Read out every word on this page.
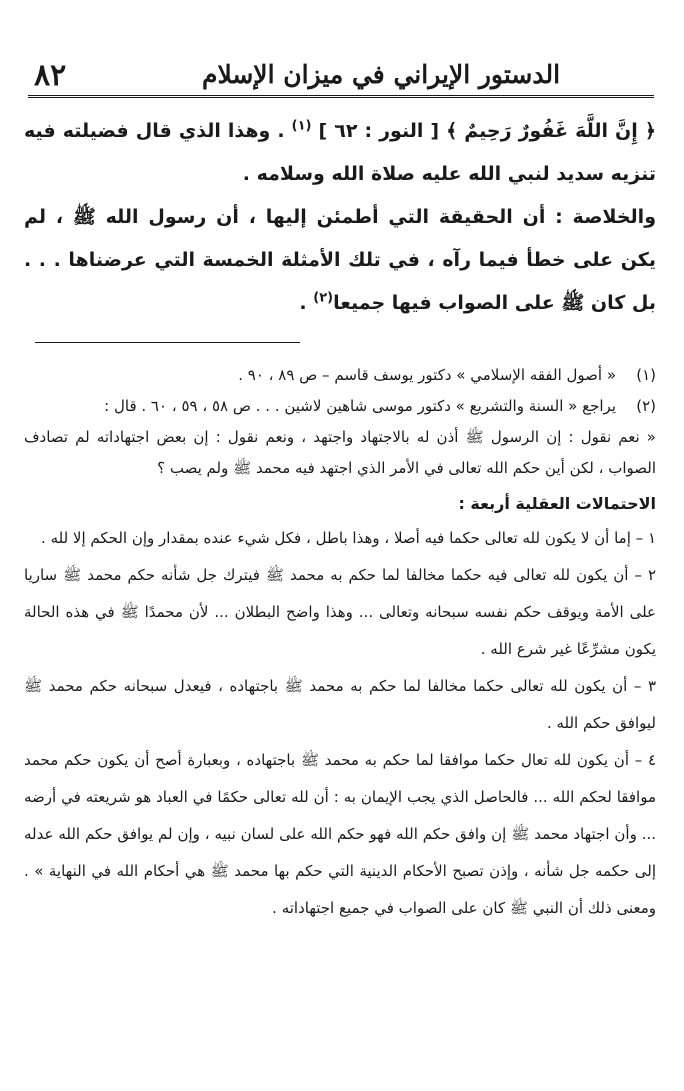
الدستور الإيراني في ميزان الإسلام
٨٢

﴿ إِنَّ اللَّهَ غَفُورٌ رَحِيمٌ ﴾ [ النور : ٦٢ ] $^{(١)}$ . وهذا الذي قال فضيلته فيه تنزيه سديد لنبي الله عليه صلاة الله وسلامه .

والخلاصة : أن الحقيقة التي أطمئن إليها ، أن رسول الله ﷺ ، لم يكن على خطأ فيما رآه ، في تلك الأمثلة الخمسة التي عرضناها . . . بل كان ﷺ على الصواب فيها جميعا$^{(٢)}$ .

(١)« أصول الفقه الإسلامي » دكتور يوسف قاسم – ص ٨٩ ، ٩٠ .

(٢)يراجع « السنة والتشريع » دكتور موسى شاهين لاشين . . . ص ٥٨ ، ٥٩ ، ٦٠ . قال :

« نعم نقول : إن الرسول ﷺ أذن له بالاجتهاد واجتهد ، ونعم نقول : إن بعض اجتهاداته لم تصادف الصواب ، لكن أين حكم الله تعالى في الأمر الذي اجتهد فيه محمد ﷺ ولم يصب ؟

الاحتمالات العقلية أربعة :

١ – إما أن لا يكون لله تعالى حكما فيه أصلا ، وهذا باطل ، فكل شيء عنده بمقدار وإن الحكم إلا لله .

٢ – أن يكون لله تعالى فيه حكما مخالفا لما حكم به محمد ﷺ فيترك جل شأنه حكم محمد ﷺ ساريا على الأمة ويوقف حكم نفسه سبحانه وتعالى ... وهذا واضح البطلان ... لأن محمدًا ﷺ في هذه الحالة يكون مشرِّعًا غير شرع الله .

٣ – أن يكون لله تعالى حكما مخالفا لما حكم به محمد ﷺ باجتهاده ، فيعدل سبحانه حكم محمد ﷺ ليوافق حكم الله .

٤ – أن يكون لله تعال حكما موافقا لما حكم به محمد ﷺ باجتهاده ، وبعبارة أصح أن يكون حكم محمد موافقا لحكم الله ... فالحاصل الذي يجب الإيمان به : أن لله تعالى حكمًا في العباد هو شريعته في أرضه ... وأن اجتهاد محمد ﷺ إن وافق حكم الله فهو حكم الله على لسان نبيه ، وإن لم يوافق حكم الله عدله إلى حكمه جل شأنه ، وإذن تصبح الأحكام الدينية التي حكم بها محمد ﷺ هي أحكام الله في النهاية » . ومعنى ذلك أن النبي ﷺ كان على الصواب في جميع اجتهاداته .
